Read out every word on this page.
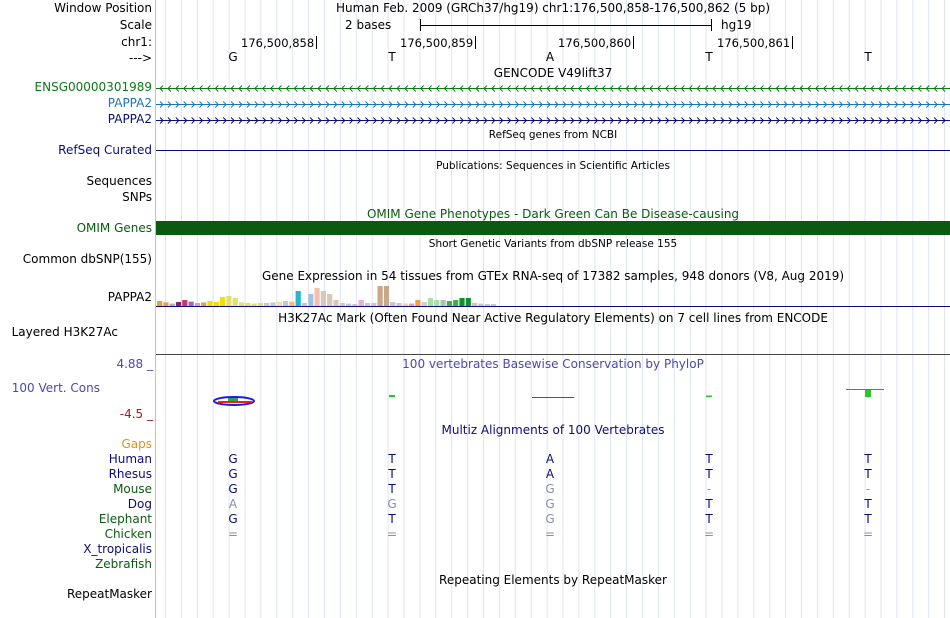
Window Position	Human Feb. 2009 (GRCh37/hg19) chr1:176,500,858-176,500,862 (5 bp)
Scale	2 bases	hg19
chr1:	176,500,858	176,500,859	176,500,860	176,500,861
--->	G	T	A	T	T
GENCODE V49lift37
ENSG00000301989
PAPPA2
PAPPA2
RefSeq genes from NCBI
RefSeq Curated
Publications: Sequences in Scientific Articles
Sequences
SNPs
OMIM Gene Phenotypes - Dark Green Can Be Disease-causing
OMIM Genes
Short Genetic Variants from dbSNP release 155
Common dbSNP(155)
Gene Expression in 54 tissues from GTEx RNA-seq of 17382 samples, 948 donors (V8, Aug 2019)
PAPPA2
H3K27Ac Mark (Often Found Near Active Regulatory Elements) on 7 cell lines from ENCODE
Layered H3K27Ac
100 vertebrates Basewise Conservation by PhyloP
4.88 _
100 Vert. Cons
-4.5 _
Multiz Alignments of 100 Vertebrates
Gaps
Human	G	T	A	T	T
Rhesus	G	T	A	T	T
Mouse	G	T	G	-	-
Dog	A	G	G	T	T
Elephant	G	T	G	T	T
Chicken	=	=	=	=	=
X_tropicalis
Zebrafish
Repeating Elements by RepeatMasker
RepeatMasker
